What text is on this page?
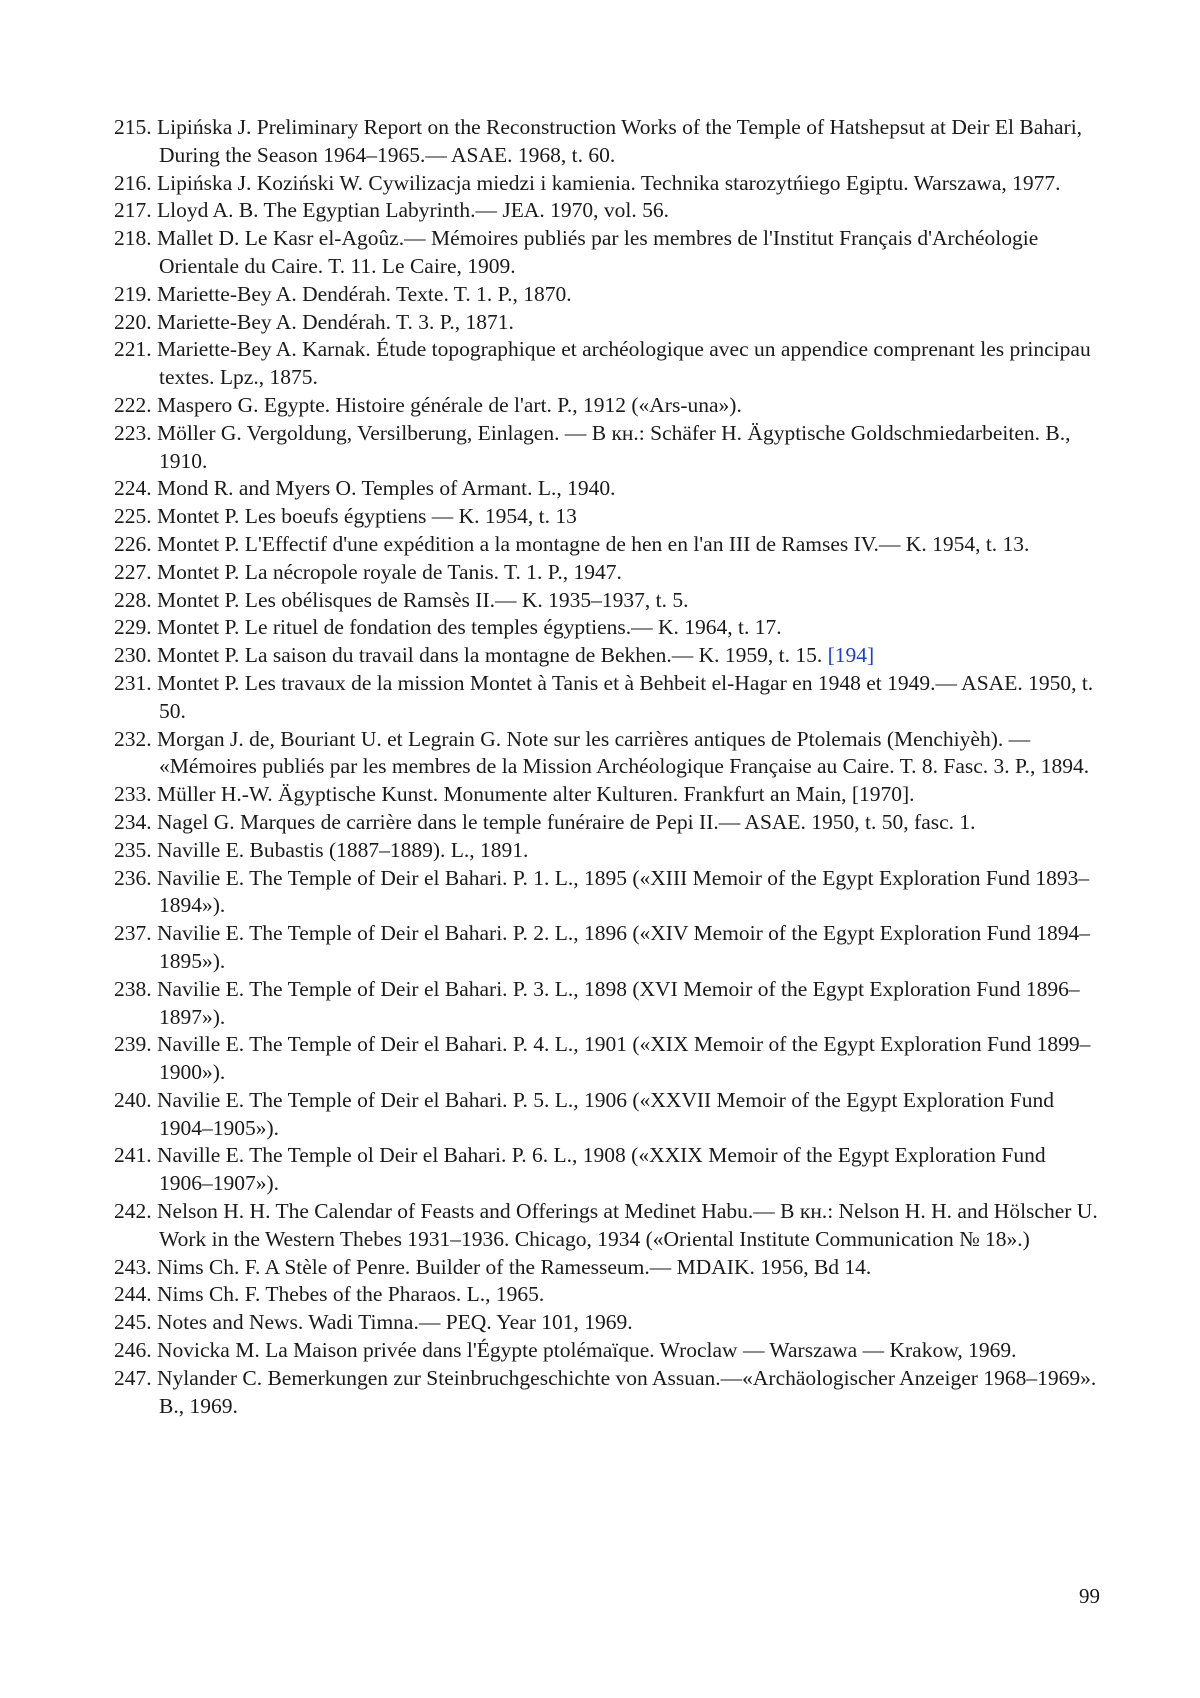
215. Lipińska J. Preliminary Report on the Reconstruction Works of the Temple of Hatshepsut at Deir El Bahari, During the Season 1964–1965.— ASAE. 1968, t. 60.
216. Lipińska J. Koziński W. Cywilizacja miedzi i kamienia. Technika starozytńiego Egiptu. Warszawa, 1977.
217. Lloyd A. B. The Egyptian Labyrinth.— JEA. 1970, vol. 56.
218. Mallet D. Le Kasr el-Agoûz.— Mémoires publiés par les membres de l'Institut Français d'Archéologie Orientale du Caire. T. 11. Le Caire, 1909.
219. Mariette-Bey A. Dendérah. Texte. T. 1. P., 1870.
220. Mariette-Bey A. Dendérah. T. 3. P., 1871.
221. Mariette-Bey A. Karnak. Étude topographique et archéologique avec un appendice comprenant les principau textes. Lpz., 1875.
222. Maspero G. Egypte. Histoire générale de l'art. P., 1912 («Ars-una»).
223. Möller G. Vergoldung, Versilberung, Einlagen. — В кн.: Schäfer H. Ägyptische Goldschmiedarbeiten. B., 1910.
224. Mond R. and Myers O. Temples of Armant. L., 1940.
225. Montet P. Les boeufs égyptiens — K. 1954, t. 13
226. Montet P. L'Effectif d'une expédition a la montagne de hen en l'an III de Ramses IV.— K. 1954, t. 13.
227. Montet P. La nécropole royale de Tanis. T. 1. P., 1947.
228. Montet P. Les obélisques de Ramsès II.— K. 1935–1937, t. 5.
229. Montet P. Le rituel de fondation des temples égyptiens.— K. 1964, t. 17.
230. Montet P. La saison du travail dans la montagne de Bekhen.— K. 1959, t. 15. [194]
231. Montet P. Les travaux de la mission Montet à Tanis et à Behbeit el-Hagar en 1948 et 1949.— ASAE. 1950, t. 50.
232. Morgan J. de, Bouriant U. et Legrain G. Note sur les carrières antiques de Ptolemais (Menchiyèh). — «Mémoires publiés par les membres de la Mission Archéologique Française au Caire. T. 8. Fasc. 3. P., 1894.
233. Müller H.-W. Ägyptische Kunst. Monumente alter Kulturen. Frankfurt an Main, [1970].
234. Nagel G. Marques de carrière dans le temple funéraire de Pepi II.— ASAE. 1950, t. 50, fasc. 1.
235. Naville E. Bubastis (1887–1889). L., 1891.
236. Navilie E. The Temple of Deir el Bahari. P. 1. L., 1895 («XIII Memoir of the Egypt Exploration Fund 1893–1894»).
237. Navilie E. The Temple of Deir el Bahari. P. 2. L., 1896 («XIV Memoir of the Egypt Exploration Fund 1894–1895»).
238. Navilie E. The Temple of Deir el Bahari. P. 3. L., 1898 (XVI Memoir of the Egypt Exploration Fund 1896–1897»).
239. Naville E. The Temple of Deir el Bahari. P. 4. L., 1901 («XIX Memoir of the Egypt Exploration Fund 1899–1900»).
240. Navilie E. The Temple of Deir el Bahari. P. 5. L., 1906 («XXVII Memoir of the Egypt Exploration Fund 1904–1905»).
241. Naville E. The Temple ol Deir el Bahari. P. 6. L., 1908 («XXIX Memoir of the Egypt Exploration Fund 1906–1907»).
242. Nelson H. H. The Calendar of Feasts and Offerings at Medinet Habu.— В кн.: Nelson H. H. and Hölscher U. Work in the Western Thebes 1931–1936. Chicago, 1934 («Oriental Institute Communication № 18».)
243. Nims Ch. F. A Stèle of Penre. Builder of the Ramesseum.— MDAIK. 1956, Bd 14.
244. Nims Ch. F. Thebes of the Pharaos. L., 1965.
245. Notes and News. Wadi Timna.— PEQ. Year 101, 1969.
246. Novicka M. La Maison privée dans l'Égypte ptolémaïque. Wroclaw — Warszawa — Krakow, 1969.
247. Nylander C. Bemerkungen zur Steinbruchgeschichte von Assuan.—«Archäologischer Anzeiger 1968–1969». B., 1969.
99
